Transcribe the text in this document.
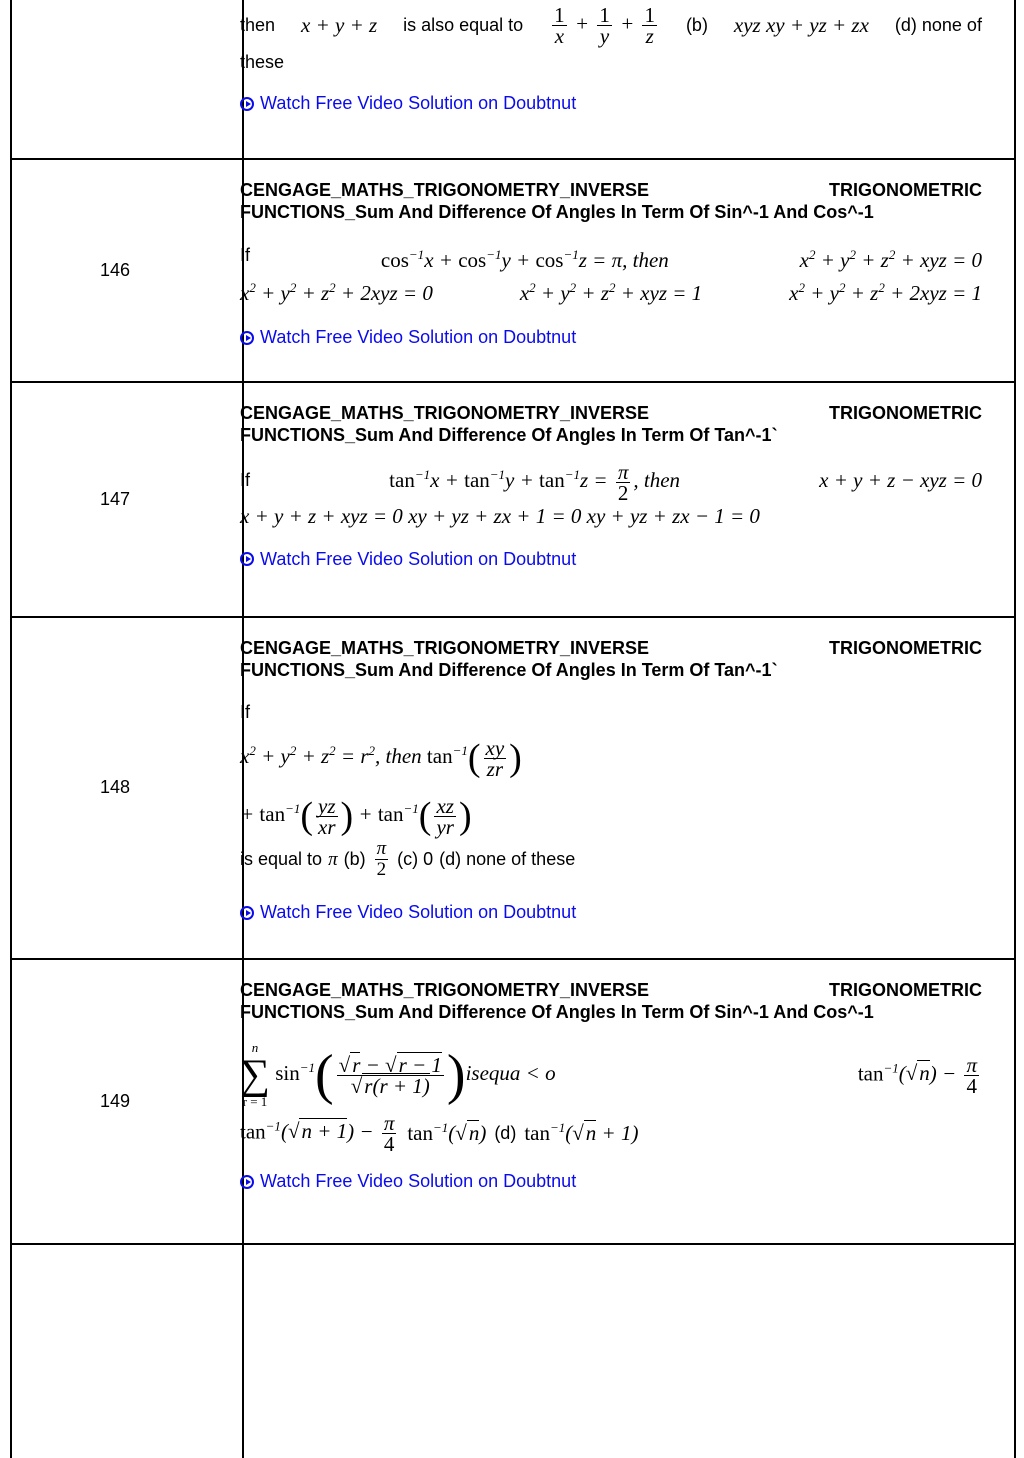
then x + y + z is also equal to $\frac{1}{x} + \frac{1}{y} + \frac{1}{z} (b)$ xyz xy + yz + zx (d) none of
these
Watch Free Video Solution on Doubtnut
146
CENGAGE_MATHS_TRIGONOMETRY_INVERSE	TRIGONOMETRIC
FUNCTIONS_Sum And Difference Of Angles In Term Of Sin^-1 And Cos^-1
If	$\cos^{-1}x + \cos^{-1}y + \cos^{-1}z = \pi$, then	$x^2 + y^2 + z^2$ + xyz = 0
$x^2 + y^2 + z^2 + 2xyz = 0$	$x^2 + y^2 + z^2$ + xyz = 1	$x^2 + y^2 + z^2 + 2xyz = 1$
Watch Free Video Solution on Doubtnut
147
CENGAGE_MATHS_TRIGONOMETRY_INVERSE	TRIGONOMETRIC
FUNCTIONS_Sum And Difference Of Angles In Term Of Tan^-1`
If	$\tan^{-1}x + \tan^{-1}y + \tan^{-1}z = \frac{\pi}{2}$ , then	x + y + z − xyz = 0
x + y + z + xyz = 0 xy + yz + zx + 1 = 0 xy + yz + zx − 1 = 0
Watch Free Video Solution on Doubtnut
148
CENGAGE_MATHS_TRIGONOMETRY_INVERSE	TRIGONOMETRIC
FUNCTIONS_Sum And Difference Of Angles In Term Of Tan^-1`
If
$x^2 + y^2 + z^2 = r^2$, then $\tan^{-1}( \frac{xy}{zr}$ )
+ $\tan^{-1}( \frac{yz}{xr}$ ) + $\tan^{-1}( \frac{xz}{yr}$ )
is equal to π $(b) \frac{\pi}{2} (c)$ 0 (d) none of these
Watch Free Video Solution on Doubtnut
149
CENGAGE_MATHS_TRIGONOMETRY_INVERSE	TRIGONOMETRIC
FUNCTIONS_Sum And Difference Of Angles In Term Of Sin^-1 And Cos^-1
n
∑
r = 1
$\sin^{-1}$(
√ r − √ r − 1
√ r(r + 1) )isequa < o	$\tan^{-1}(√$ $n) - \frac{\pi}{4}$
$\tan^{-1}(√$ $n + 1) - \frac{\pi}{4} \tan^{-1}(√$ n) (d) $\tan^{-1}(√$ n + 1)
Watch Free Video Solution on Doubtnut
